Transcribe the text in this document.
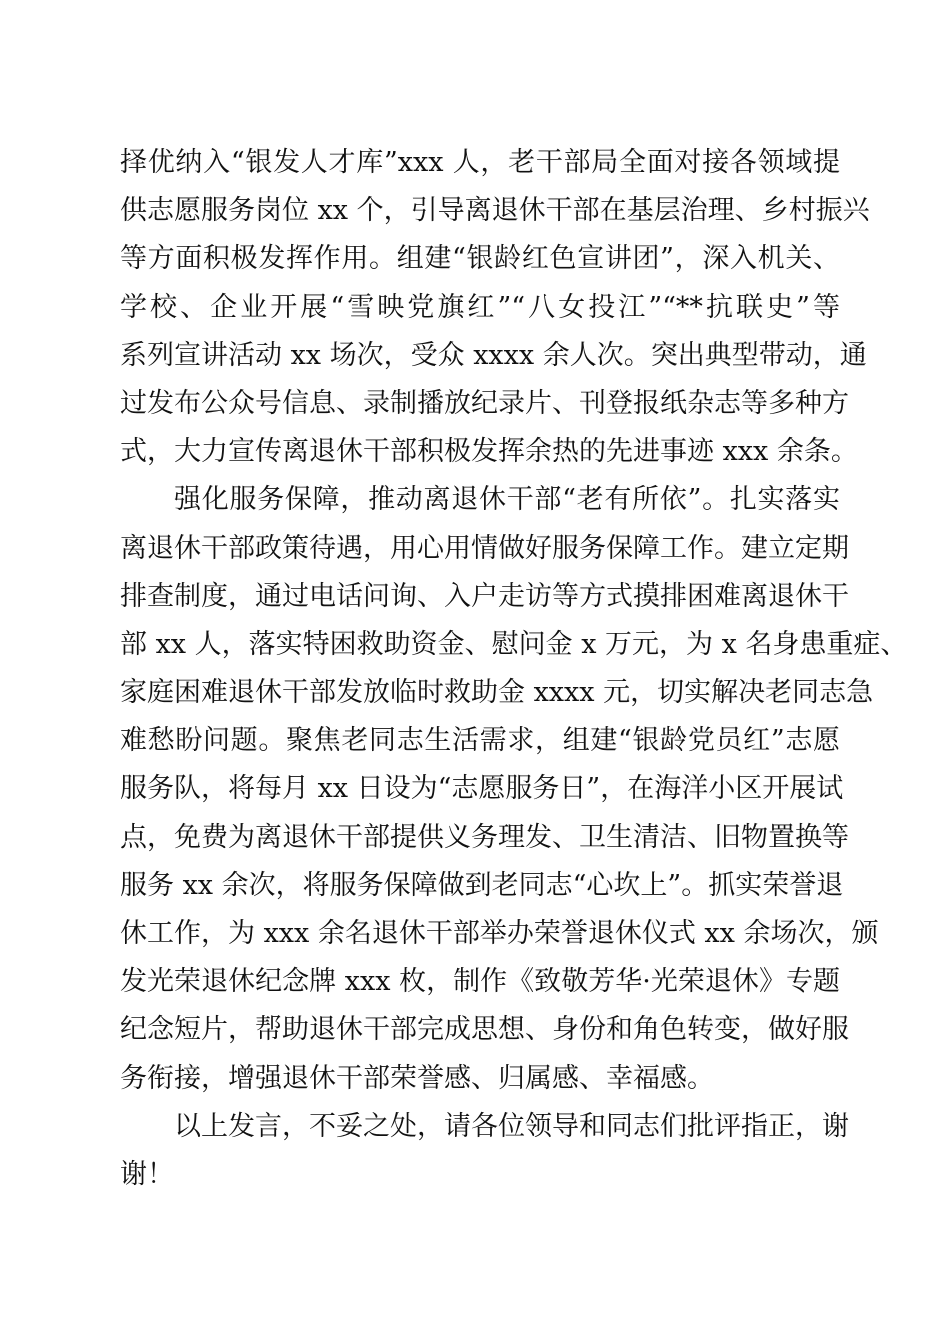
择优纳入“银发人才库”xxx 人，老干部局全面对接各领域提
供志愿服务岗位 xx 个，引导离退休干部在基层治理、乡村振兴
等方面积极发挥作用。组建“银龄红色宣讲团”，深入机关、
学校、企业开展“雪映党旗红”“八女投江”“**抗联史”等
系列宣讲活动 xx 场次，受众 xxxx 余人次。突出典型带动，通
过发布公众号信息、录制播放纪录片、刊登报纸杂志等多种方
式，大力宣传离退休干部积极发挥余热的先进事迹 xxx 余条。
强化服务保障，推动离退休干部“老有所依”。扎实落实
离退休干部政策待遇，用心用情做好服务保障工作。建立定期
排查制度，通过电话问询、入户走访等方式摸排困难离退休干
部 xx 人，落实特困救助资金、慰问金 x 万元，为 x 名身患重症、
家庭困难退休干部发放临时救助金 xxxx 元，切实解决老同志急
难愁盼问题。聚焦老同志生活需求，组建“银龄党员红”志愿
服务队，将每月 xx 日设为“志愿服务日”，在海洋小区开展试
点，免费为离退休干部提供义务理发、卫生清洁、旧物置换等
服务 xx 余次，将服务保障做到老同志“心坎上”。抓实荣誉退
休工作，为 xxx 余名退休干部举办荣誉退休仪式 xx 余场次，颁
发光荣退休纪念牌 xxx 枚，制作《致敬芳华·光荣退休》专题
纪念短片，帮助退休干部完成思想、身份和角色转变，做好服
务衔接，增强退休干部荣誉感、归属感、幸福感。
以上发言，不妥之处，请各位领导和同志们批评指正，谢
谢！
